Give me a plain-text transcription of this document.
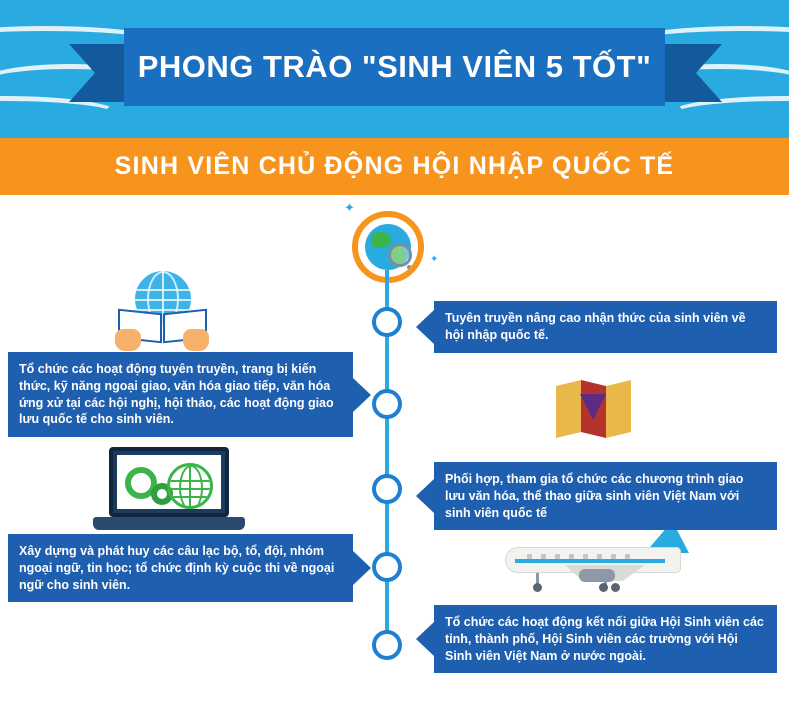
PHONG TRÀO "SINH VIÊN 5 TỐT"
SINH VIÊN CHỦ ĐỘNG HỘI NHẬP QUỐC TẾ
✦
✦
Tổ chức các hoạt động tuyên truyền, trang bị kiến thức, kỹ năng ngoại giao, văn hóa giao tiếp, văn hóa ứng xử tại các hội nghị, hội thảo, các hoạt động giao lưu quốc tế cho sinh viên.
Xây dựng và phát huy các câu lạc bộ, tổ, đội, nhóm ngoại ngữ, tin học; tổ chức định kỳ cuộc thi về ngoại ngữ cho sinh viên.
Tuyên truyền nâng cao nhận thức của sinh viên về hội nhập quốc tế.
Phối hợp, tham gia tổ chức các chương trình giao lưu văn hóa, thể thao giữa sinh viên Việt Nam với sinh viên quốc tế
Tổ chức các hoạt động kết nối giữa Hội Sinh viên các tỉnh, thành phố, Hội Sinh viên các trường với Hội Sinh viên Việt Nam ở nước ngoài.
